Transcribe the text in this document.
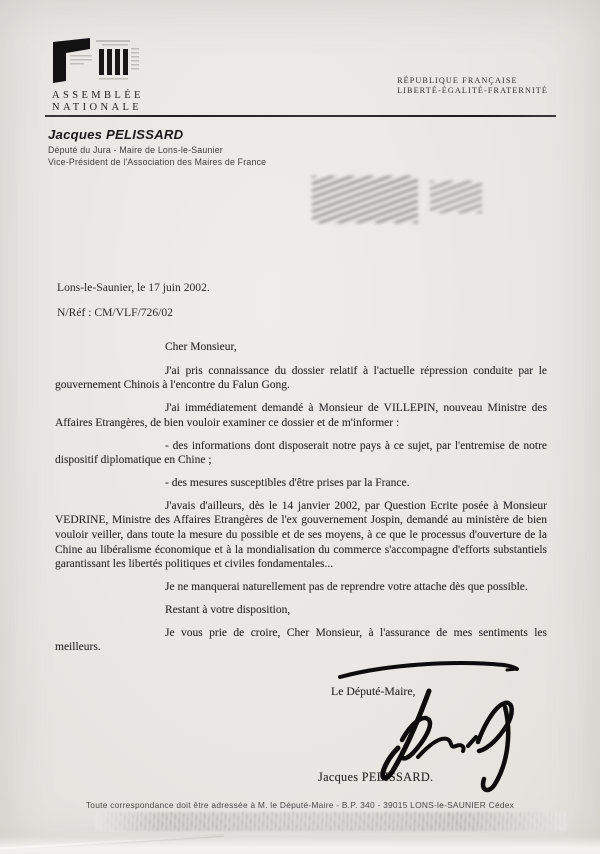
ASSEMBLÉE
NATIONALE
RÉPUBLIQUE FRANÇAISE
LIBERTÉ-ÉGALITÉ-FRATERNITÉ
Jacques PELISSARD
Député du Jura - Maire de Lons-le-Saunier
Vice-Président de l'Association des Maires de France
Lons-le-Saunier, le 17 juin 2002.
N/Réf : CM/VLF/726/02
Cher Monsieur,

J'ai pris connaissance du dossier relatif à l'actuelle répression conduite par le gouvernement Chinois à l'encontre du Falun Gong.

J'ai immédiatement demandé à Monsieur de VILLEPIN, nouveau Ministre des Affaires Etrangères, de bien vouloir examiner ce dossier et de m'informer :

- des informations dont disposerait notre pays à ce sujet, par l'entremise de notre dispositif diplomatique en Chine ;

- des mesures susceptibles d'être prises par la France.

J'avais d'ailleurs, dès le 14 janvier 2002, par Question Ecrite posée à Monsieur VEDRINE, Ministre des Affaires Etrangères de l'ex gouvernement Jospin, demandé au ministère de bien vouloir veiller, dans toute la mesure du possible et de ses moyens, à ce que le processus d'ouverture de la Chine au libéralisme économique et à la mondialisation du commerce s'accompagne d'efforts substantiels garantissant les libertés politiques et civiles fondamentales...

Je ne manquerai naturellement pas de reprendre votre attache dès que possible.

Restant à votre disposition,

Je vous prie de croire, Cher Monsieur, à l'assurance de mes sentiments les meilleurs.

Le Député-Maire,
Jacques PELISSARD.
Toute correspondance doit être adressée à M. le Député-Maire - B.P. 340 - 39015 LONS-le-SAUNIER Cédex
